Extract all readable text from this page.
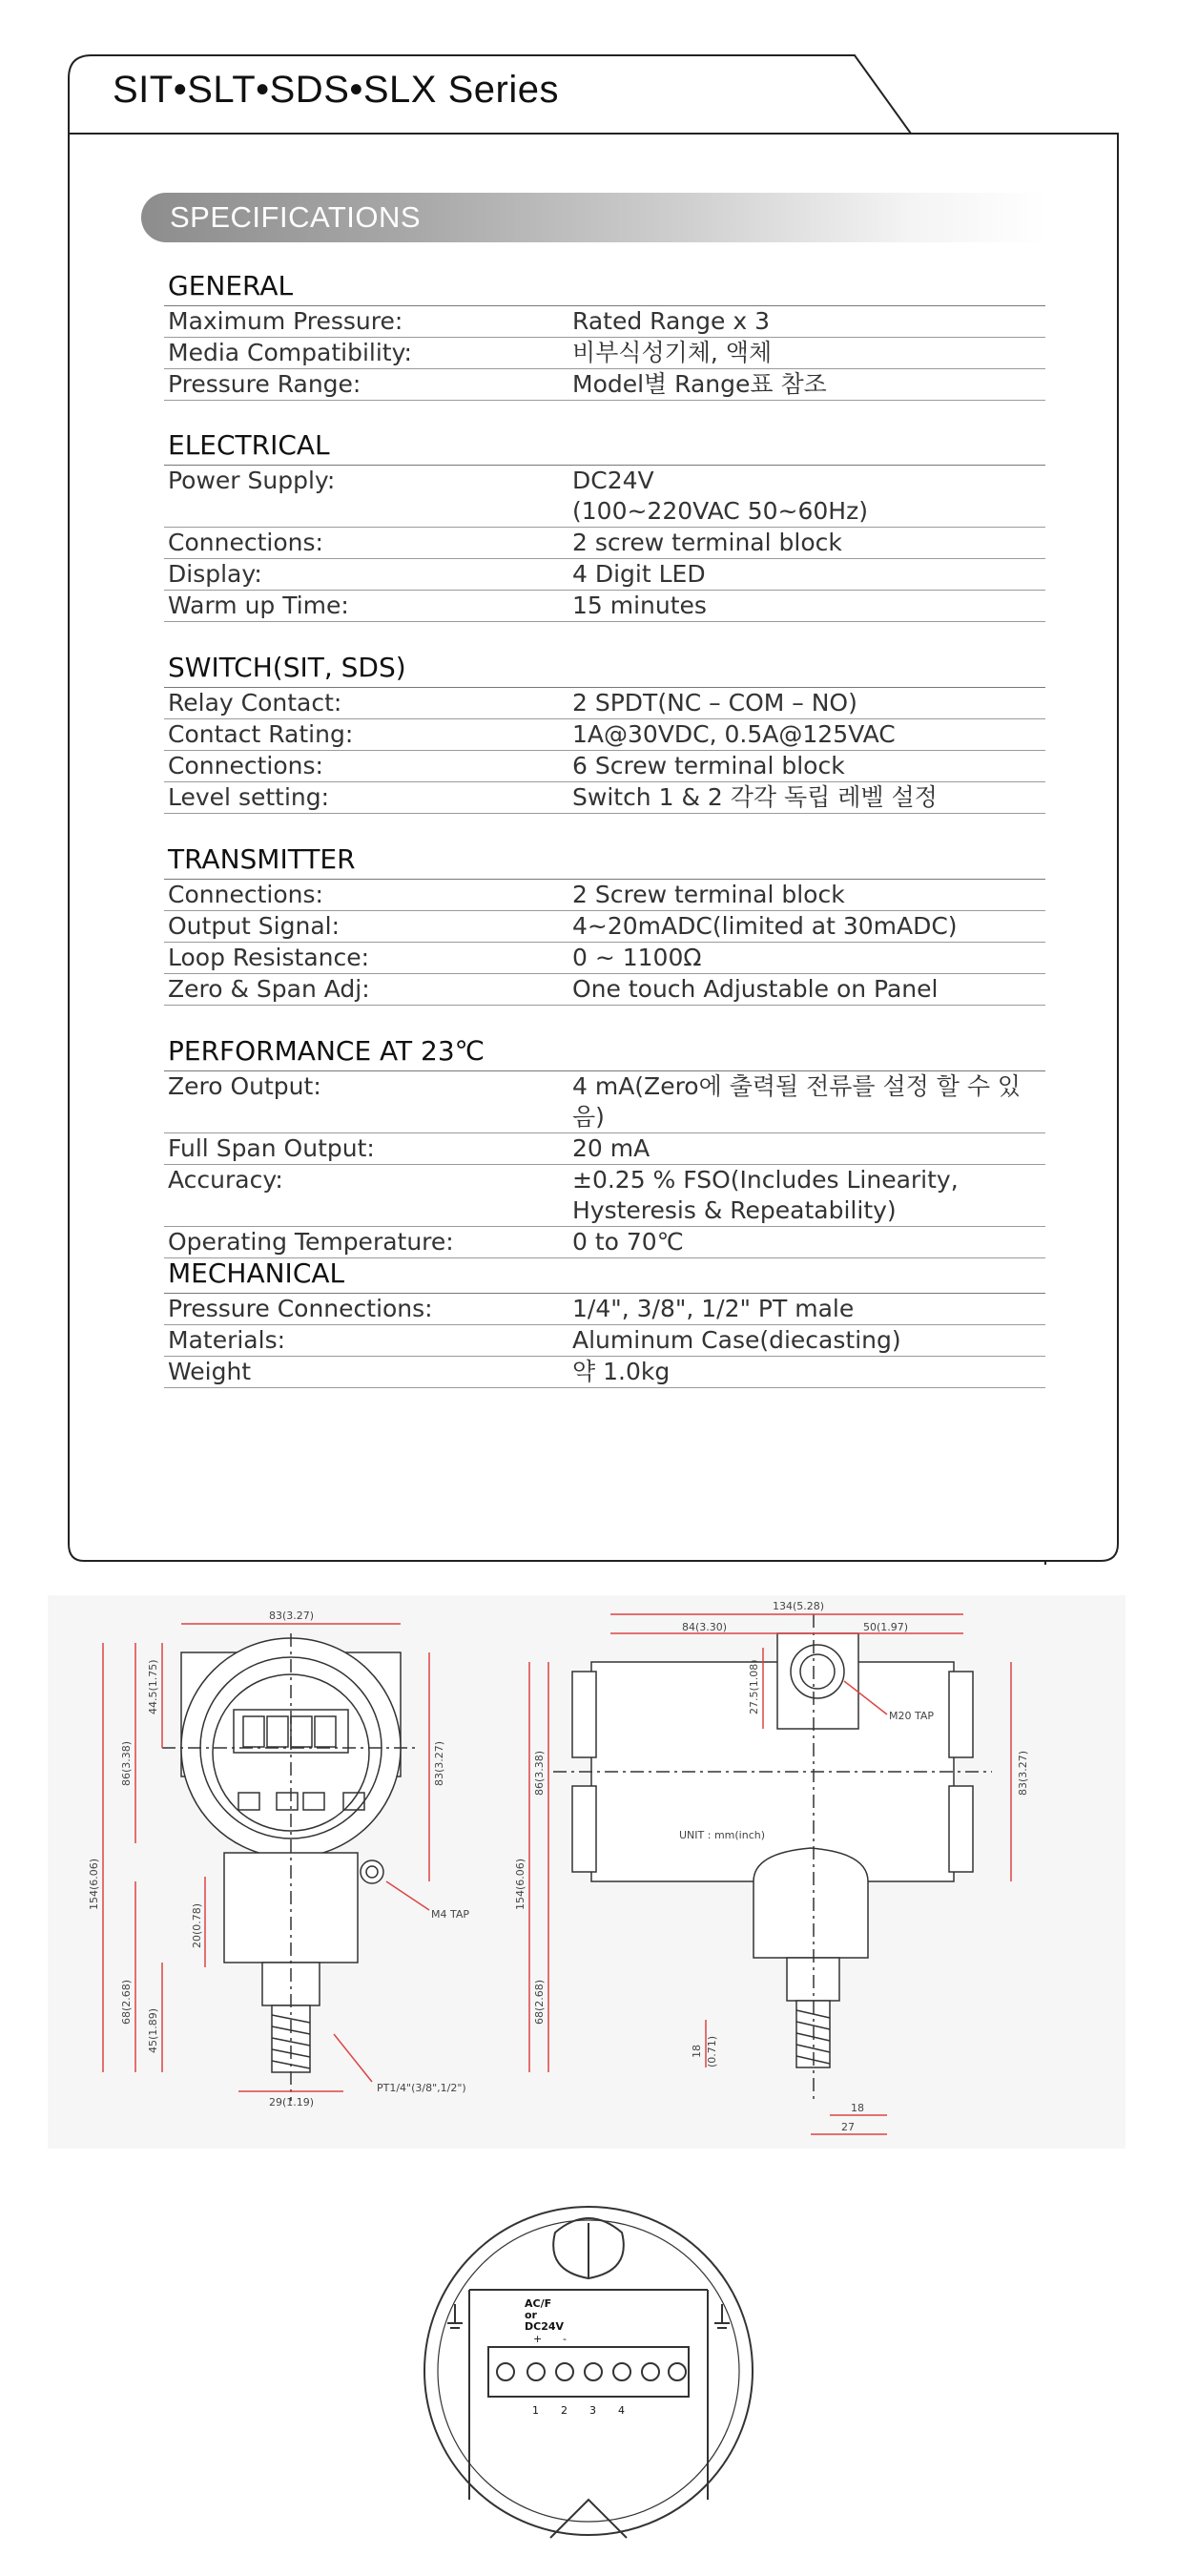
SIT•SLT•SDS•SLX Series
SPECIFICATIONS
GENERAL
Maximum Pressure:	Rated Range x 3
Media Compatibility:	비부식성기체, 액체
Pressure Range:	Model별 Range표 참조
ELECTRICAL
Power Supply:	DC24V
(100~220VAC 50~60Hz)
Connections:	2 screw terminal block
Display:	4 Digit LED
Warm up Time:	15 minutes
SWITCH(SIT, SDS)
Relay Contact:	2 SPDT(NC – COM – NO)
Contact Rating:	1A@30VDC, 0.5A@125VAC
Connections:	6 Screw terminal block
Level setting:	Switch 1 & 2 각각 독립 레벨 설정
TRANSMITTER
Connections:	2 Screw terminal block
Output Signal:	4~20mADC(limited at 30mADC)
Loop Resistance:	0 ~ 1100Ω
Zero & Span Adj:	One touch Adjustable on Panel
PERFORMANCE AT 23℃
Zero Output:	4 mA(Zero에 출력될 전류를 설정 할 수 있음)
Full Span Output:	20 mA
Accuracy:	±0.25 % FSO(Includes Linearity,
Hysteresis & Repeatability)
Operating Temperature:	0 to 70℃
MECHANICAL
Pressure Connections:	1/4", 3/8", 1/2" PT male
Materials:	Aluminum Case(diecasting)
Weight	약 1.0kg
83(3.27)
44.5(1.75)
86(3.38)
154(6.06)
83(3.27)
20(0.78)
68(2.68)
45(1.89)
29(1.19)
M4 TAP
PT1/4"(3/8",1/2")
134(5.28)
84(3.30)	50(1.97)
27.5(1.08)
86(3.38)
154(6.06)
68(2.68)
83(3.27)
18 (0.71)
18
27
M20 TAP
UNIT : mm(inch)
AC/F
or
DC24V
+ -
1 2 3 4
